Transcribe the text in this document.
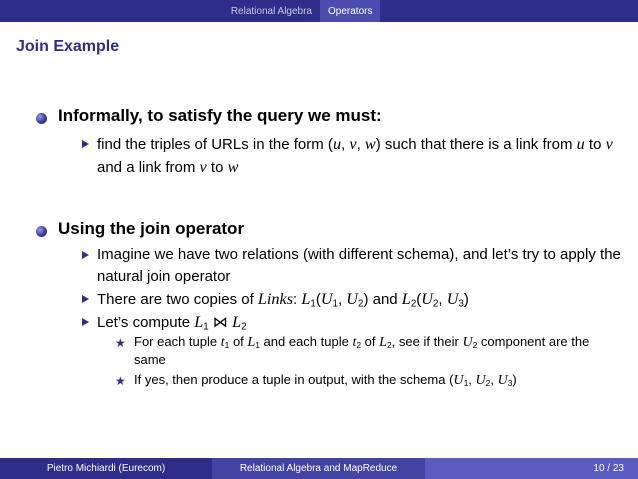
Relational Algebra	Operators
Join Example
Informally, to satisfy the query we must:
find the triples of URLs in the form (u, v, w) such that there is a link from u to v and a link from v to w
Using the join operator
Imagine we have two relations (with different schema), and let’s try to apply the natural join operator
There are two copies of Links: $L_1(U_1$, $U_2$) and $L_2(U_2$, $U_3$)
Let’s compute $L_1$ ⋈ $L_2$
★ For each tuple $t_1$ of $L_1$ and each tuple $t_2$ of $L_2$, see if their $U_2$ component are the same
★ If yes, then produce a tuple in output, with the schema ($U_1$, $U_2$, $U_3$)
Pietro Michiardi (Eurecom)	Relational Algebra and MapReduce	10 / 23
